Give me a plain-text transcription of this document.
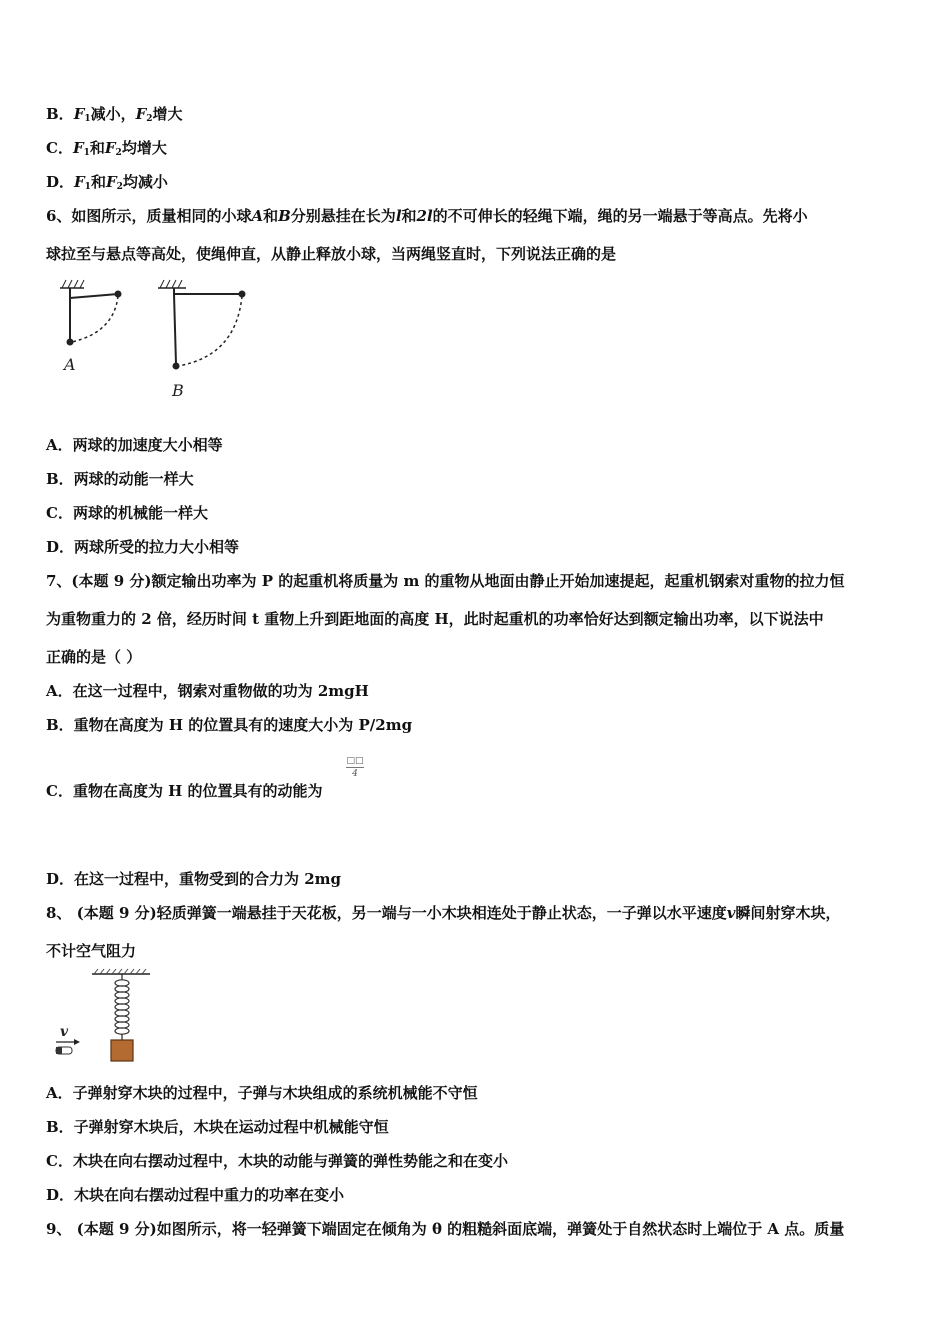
B．$F_1$减小，$F_2$增大
C．$F_1$和$F_2$均增大
D．$F_1$和$F_2$均减小
6、如图所示，质量相同的小球A和B分别悬挂在长为l和2l的不可伸长的轻绳下端，绳的另一端悬于等高点。先将小
球拉至与悬点等高处，使绳伸直，从静止释放小球，当两绳竖直时，下列说法正确的是
A
B
A．两球的加速度大小相等
B．两球的动能一样大
C．两球的机械能一样大
D．两球所受的拉力大小相等
7、(本题 9 分)额定输出功率为 P 的起重机将质量为 m 的重物从地面由静止开始加速提起，起重机钢索对重物的拉力恒
为重物重力的 2 倍，经历时间 t 重物上升到距地面的高度 H，此时起重机的功率恰好达到额定输出功率，以下说法中
正确的是（ ）
A．在这一过程中，钢索对重物做的功为 2mgH
B．重物在高度为 H 的位置具有的速度大小为 P/2mg
□□
4
C．重物在高度为 H 的位置具有的动能为
D．在这一过程中，重物受到的合力为 2mg
8、 (本题 9 分)轻质弹簧一端悬挂于天花板，另一端与一小木块相连处于静止状态，一子弹以水平速度v瞬间射穿木块，
不计空气阻力
v
A．子弹射穿木块的过程中，子弹与木块组成的系统机械能不守恒
B．子弹射穿木块后，木块在运动过程中机械能守恒
C．木块在向右摆动过程中，木块的动能与弹簧的弹性势能之和在变小
D．木块在向右摆动过程中重力的功率在变小
9、 (本题 9 分)如图所示，将一轻弹簧下端固定在倾角为 θ 的粗糙斜面底端，弹簧处于自然状态时上端位于 A 点。质量
